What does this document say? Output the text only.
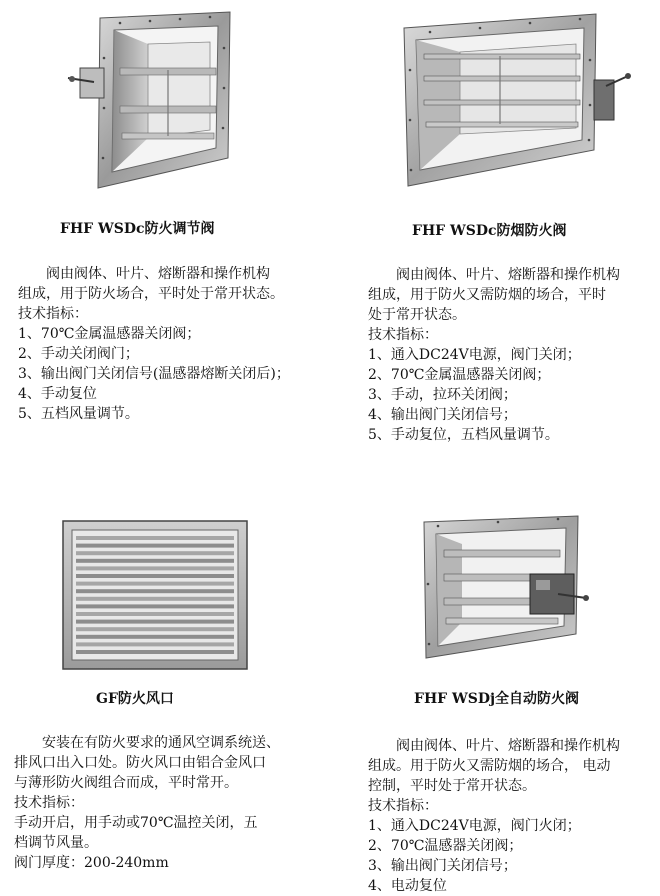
FHF WSDc防火调节阀

阀由阀体、叶片、熔断器和操作机构

组成，用于防火场合，平时处于常开状态。

技术指标：

1、70℃金属温感器关闭阀；
2、手动关闭阀门；
3、输出阀门关闭信号(温感器熔断关闭后)；
4、手动复位
5、五档风量调节。
FHF WSDc防烟防火阀

阀由阀体、叶片、熔断器和操作机构

组成，用于防火又需防烟的场合，平时

处于常开状态。

技术指标：

1、通入DC24V电源，阀门关闭；
2、70℃金属温感器关闭阀；
3、手动，拉环关闭阀；
4、输出阀门关闭信号；
5、手动复位，五档风量调节。
GF防火风口

安装在有防火要求的通风空调系统送、

排风口出入口处。防火风口由铝合金风口

与薄形防火阀组合而成，平时常开。

技术指标：

手动开启，用手动或70℃温控关闭，五
档调节风量。
阀门厚度：200-240mm
FHF WSDj全自动防火阀

阀由阀体、叶片、熔断器和操作机构

组成。用于防火又需防烟的场合， 电动

控制，平时处于常开状态。

技术指标：

1、通入DC24V电源，阀门火闭；
2、70℃温感器关闭阀；
3、输出阀门关闭信号；
4、电动复位
